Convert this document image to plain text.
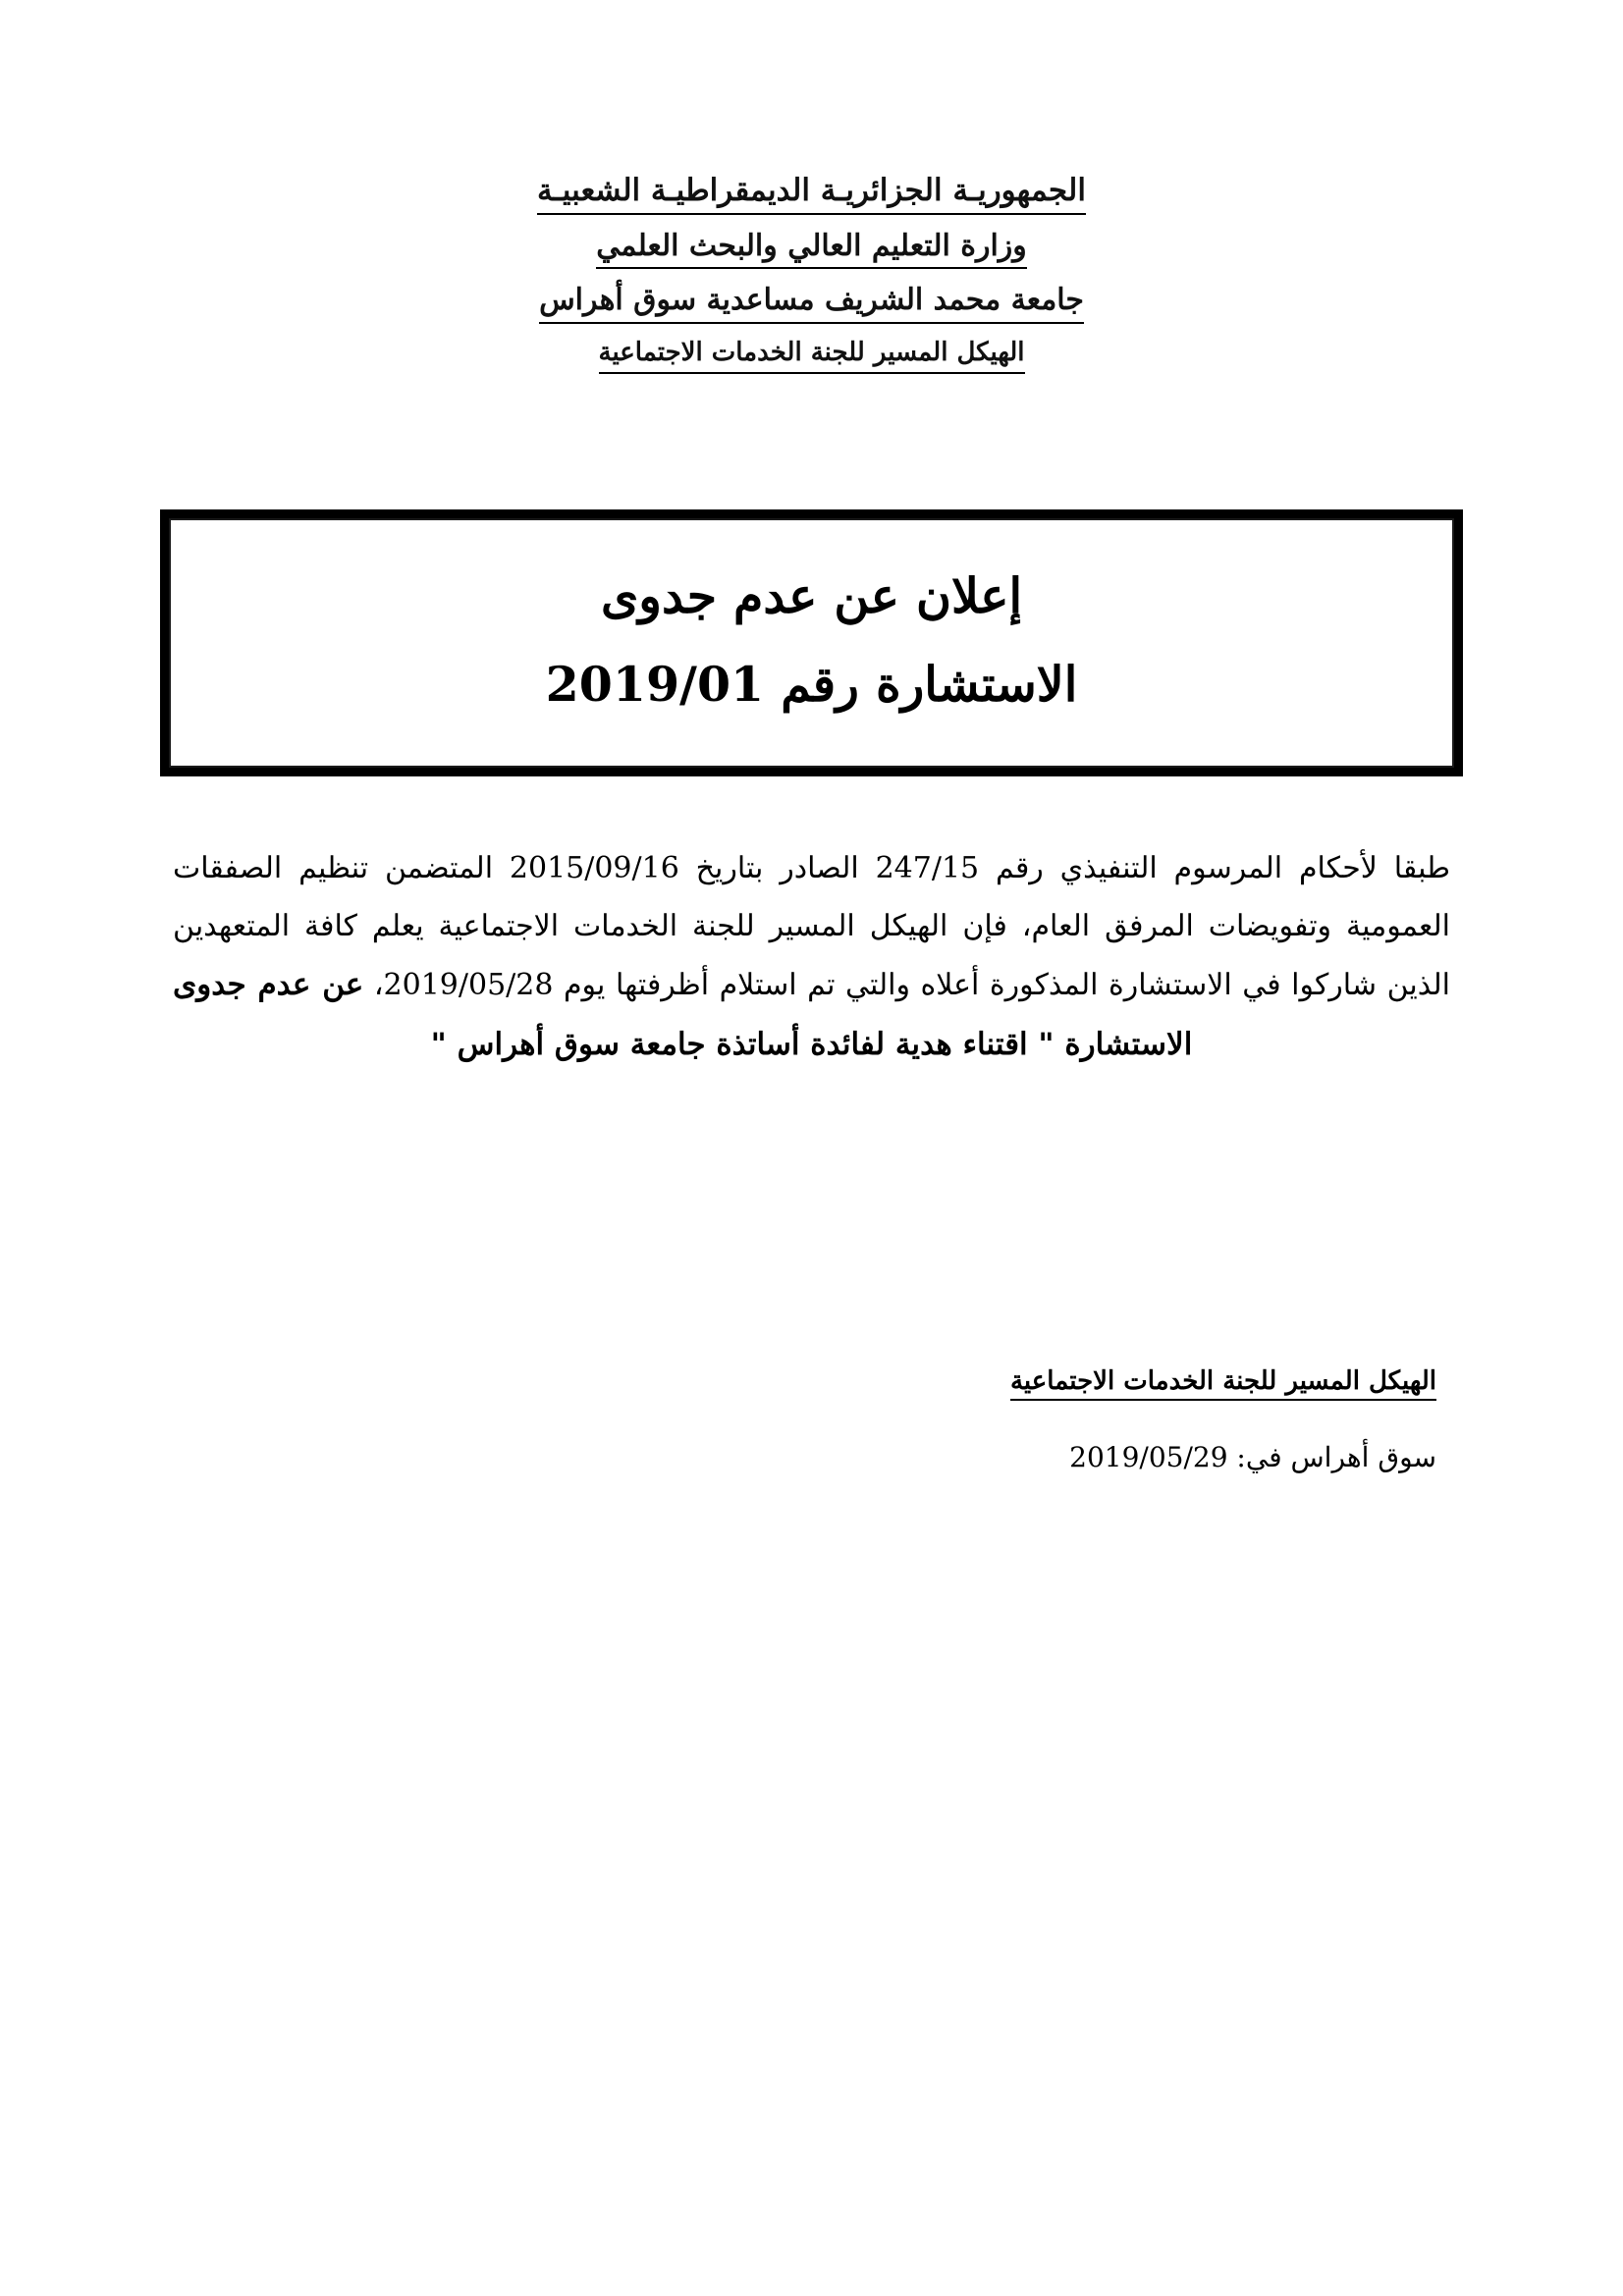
الجمهوريـة الجزائريـة الديمقراطيـة الشعبيـة
وزارة التعليم العالي والبحث العلمي
جامعة محمد الشريف مساعدية سوق أهراس
الهيكل المسير للجنة الخدمات الاجتماعية
إعلان عن عدم جدوى
الاستشارة رقم 2019/01
طبقا لأحكام المرسوم التنفيذي رقم 247/15 الصادر بتاريخ 2015/09/16 المتضمن تنظيم الصفقات العمومية وتفويضات المرفق العام، فإن الهيكل المسير للجنة الخدمات الاجتماعية يعلم كافة المتعهدين الذين شاركوا في الاستشارة المذكورة أعلاه والتي تم استلام أظرفتها يوم 2019/05/28، عن عدم جدوى الاستشارة " اقتناء هدية لفائدة أساتذة جامعة سوق أهراس "
الهيكل المسير للجنة الخدمات الاجتماعية
سوق أهراس في: 2019/05/29
